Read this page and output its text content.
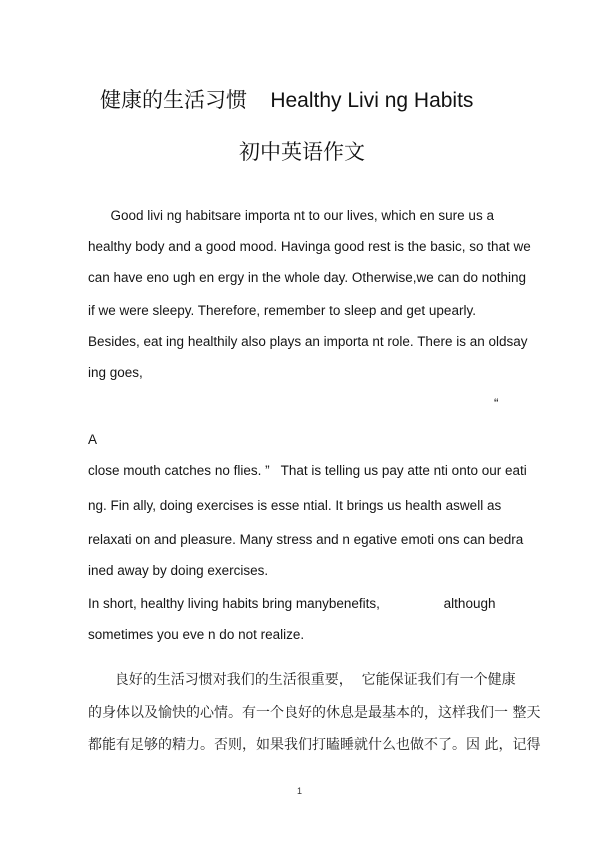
健康的生活习惯    Healthy Livi ng Habits
初中英语作文
Good livi ng habitsare importa nt to our lives, which en sure us a
healthy body and a good mood. Havinga good rest is the basic, so that we
can have eno ugh en ergy in the whole day. Otherwise,we can do nothing
if we were sleepy. Therefore, remember to sleep and get upearly.
Besides, eat ing healthily also plays an importa nt role. There is an oldsay
ing goes,
“
A
close mouth catches no flies. ”   That is telling us pay atte nti onto our eati
ng. Fin ally, doing exercises is esse ntial. It brings us health aswell as
relaxati on and pleasure. Many stress and n egative emoti ons can bedra
ined away by doing exercises.
In short, healthy living habits bring manybenefits,                 although
sometimes you eve n do not realize.
良好的生活习惯对我们的生活很重要，  它能保证我们有一个健康
的身体以及愉快的心情。有一个良好的休息是最基本的，这样我们一 整天
都能有足够的精力。否则，如果我们打瞌睡就什么也做不了。因 此，记得
1
